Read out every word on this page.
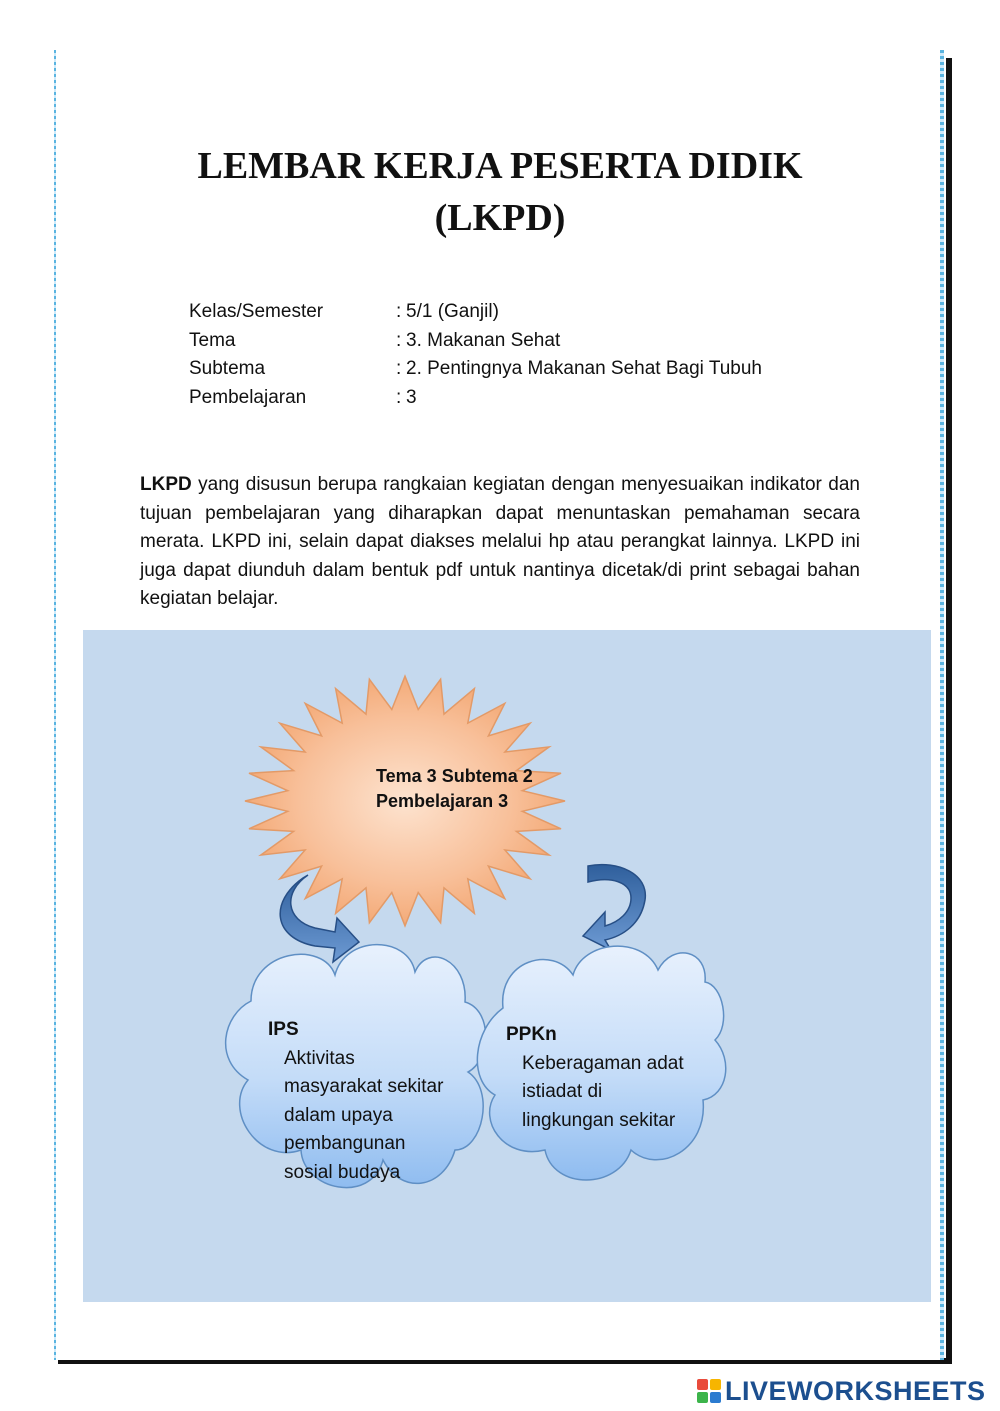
LEMBAR KERJA PESERTA DIDIK
(LKPD)
Kelas/Semester	: 5/1 (Ganjil)
Tema	: 3. Makanan Sehat
Subtema	: 2. Pentingnya Makanan Sehat Bagi Tubuh
Pembelajaran	: 3

LKPD yang disusun berupa rangkaian kegiatan dengan menyesuaikan indikator dan tujuan pembelajaran yang diharapkan dapat menuntaskan pemahaman secara merata. LKPD ini, selain dapat diakses melalui hp atau perangkat lainnya. LKPD ini juga dapat diunduh dalam bentuk pdf untuk nantinya dicetak/di print sebagai bahan kegiatan belajar.

Tema 3 Subtema 2
Pembelajaran 3
IPS
Aktivitas
masyarakat sekitar
dalam upaya
pembangunan
sosial budaya
PPKn
Keberagaman adat
istiadat di
lingkungan sekitar
LIVEWORKSHEETS
